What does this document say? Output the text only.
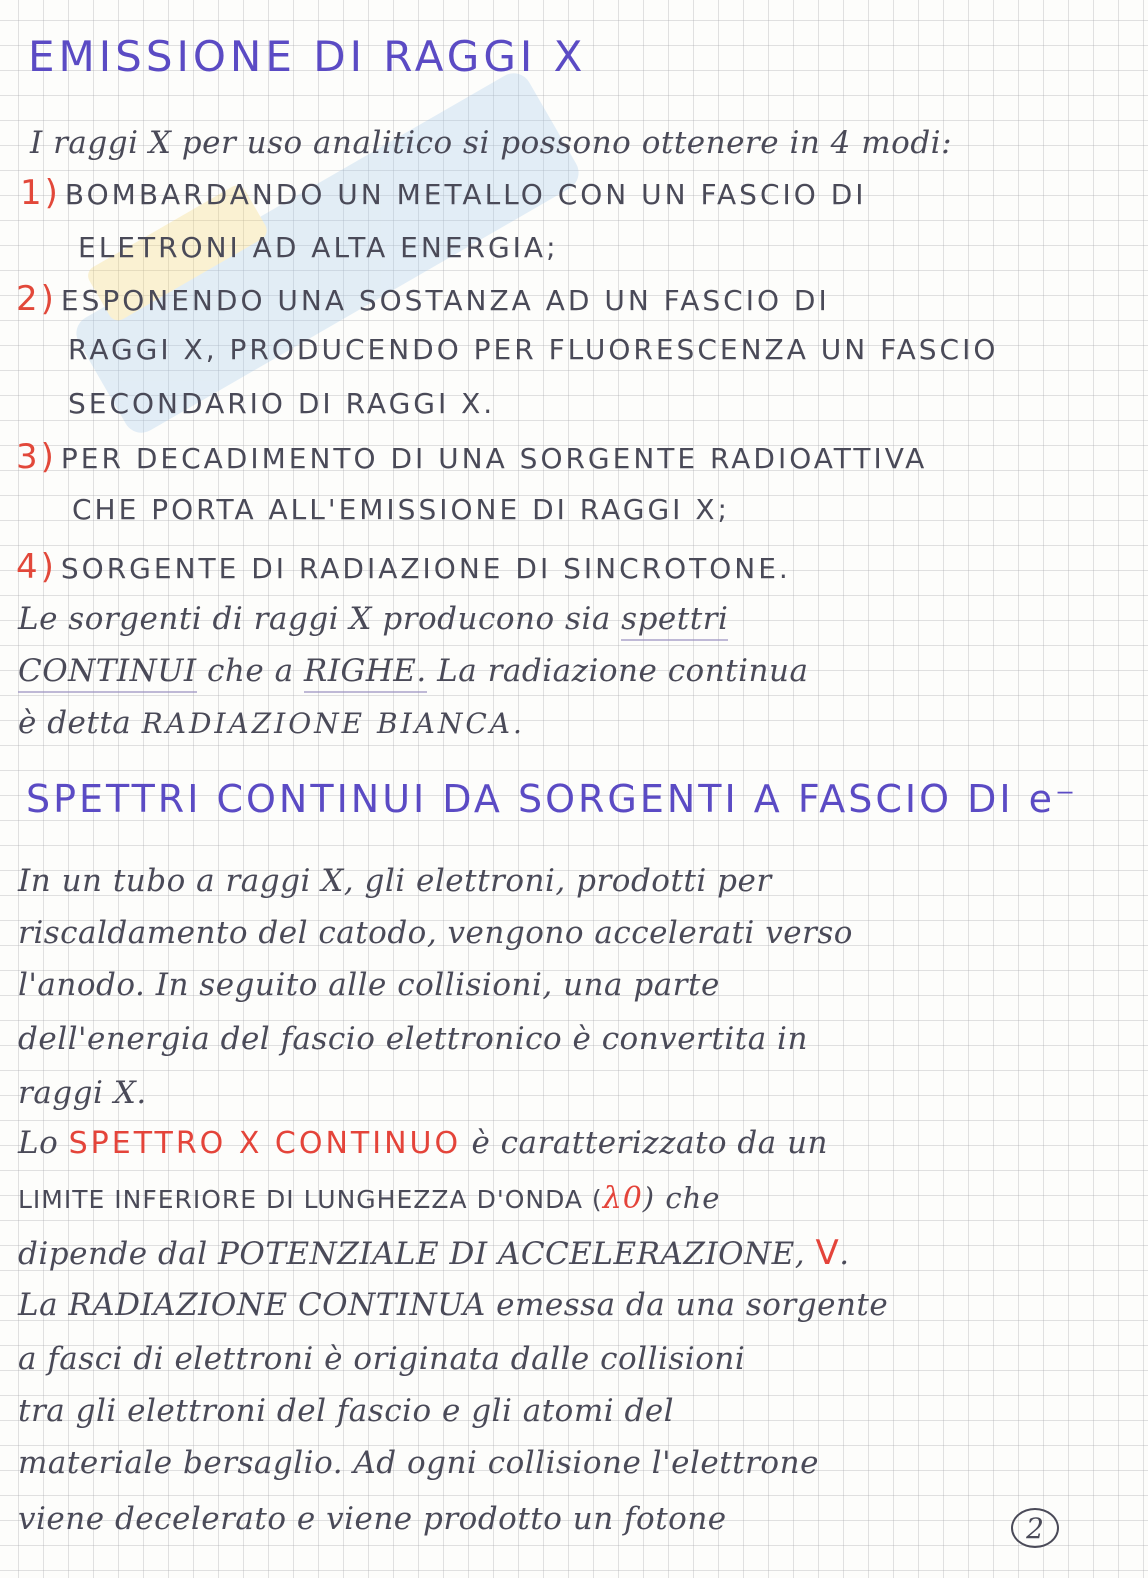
EMISSIONE DI RAGGI X
I raggi X per uso analitico si possono ottenere in 4 modi:
1) BOMBARDANDO UN METALLO CON UN FASCIO DI
ELETRONI AD ALTA ENERGIA;
2) ESPONENDO UNA SOSTANZA AD UN FASCIO DI
RAGGI X, PRODUCENDO PER FLUORESCENZA UN FASCIO
SECONDARIO DI RAGGI X.
3) PER DECADIMENTO DI UNA SORGENTE RADIOATTIVA
CHE PORTA ALL'EMISSIONE DI RAGGI X;
4) SORGENTE DI RADIAZIONE DI SINCROTONE.
Le sorgenti di raggi X producono sia spettri
CONTINUI che a RIGHE. La radiazione continua
è detta RADIAZIONE BIANCA.
SPETTRI CONTINUI DA SORGENTI A FASCIO DI e⁻
In un tubo a raggi X, gli elettroni, prodotti per
riscaldamento del catodo, vengono accelerati verso
l'anodo. In seguito alle collisioni, una parte
dell'energia del fascio elettronico è convertita in
raggi X.
Lo SPETTRO X CONTINUO è caratterizzato da un
LIMITE INFERIORE DI LUNGHEZZA D'ONDA (λ0) che
dipende dal POTENZIALE DI ACCELERAZIONE, V.
La RADIAZIONE CONTINUA emessa da una sorgente
a fasci di elettroni è originata dalle collisioni
tra gli elettroni del fascio e gli atomi del
materiale bersaglio. Ad ogni collisione l'elettrone
viene decelerato e viene prodotto un fotone	2
